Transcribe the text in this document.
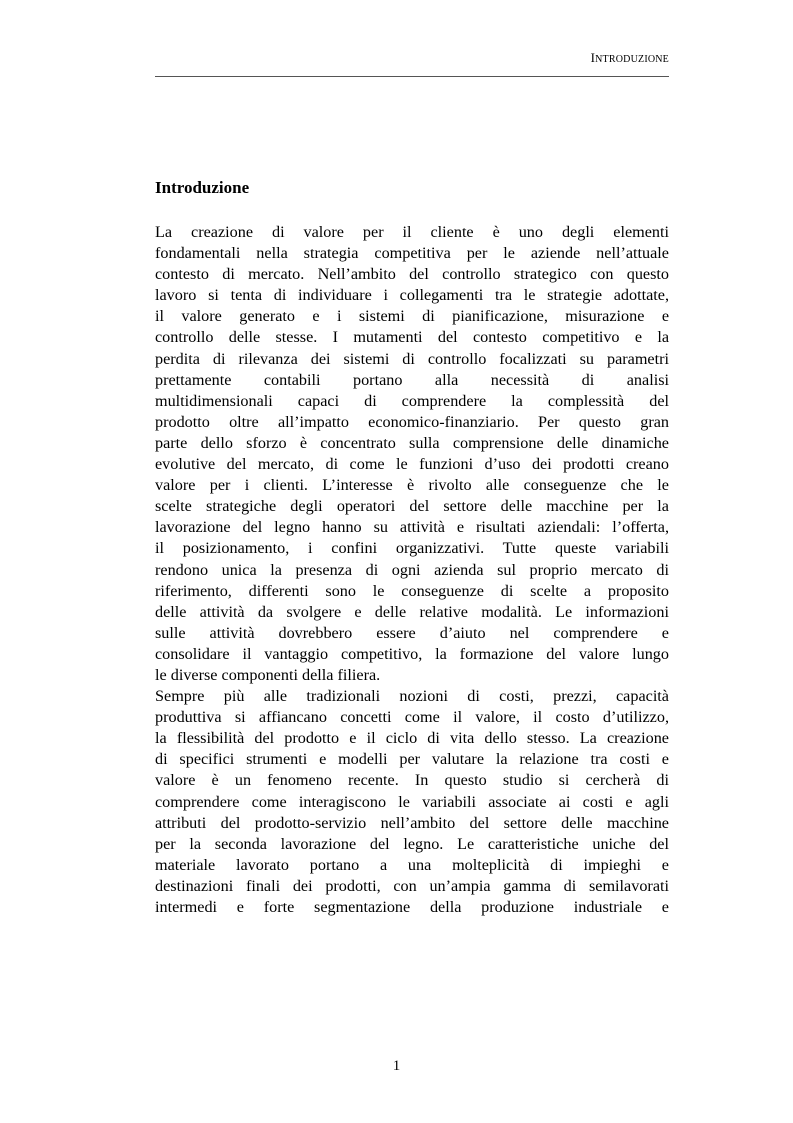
INTRODUZIONE
Introduzione
La creazione di valore per il cliente è uno degli elementi
fondamentali nella strategia competitiva per le aziende nell’attuale
contesto di mercato. Nell’ambito del controllo strategico con questo
lavoro si tenta di individuare i collegamenti tra le strategie adottate,
il valore generato e i sistemi di pianificazione, misurazione e
controllo delle stesse. I mutamenti del contesto competitivo e la
perdita di rilevanza dei sistemi di controllo focalizzati su parametri
prettamente contabili portano alla necessità di analisi
multidimensionali capaci di comprendere la complessità del
prodotto oltre all’impatto economico-finanziario. Per questo gran
parte dello sforzo è concentrato sulla comprensione delle dinamiche
evolutive del mercato, di come le funzioni d’uso dei prodotti creano
valore per i clienti. L’interesse è rivolto alle conseguenze che le
scelte strategiche degli operatori del settore delle macchine per la
lavorazione del legno hanno su attività e risultati aziendali: l’offerta,
il posizionamento, i confini organizzativi. Tutte queste variabili
rendono unica la presenza di ogni azienda sul proprio mercato di
riferimento, differenti sono le conseguenze di scelte a proposito
delle attività da svolgere e delle relative modalità. Le informazioni
sulle attività dovrebbero essere d’aiuto nel comprendere e
consolidare il vantaggio competitivo, la formazione del valore lungo
le diverse componenti della filiera.
Sempre più alle tradizionali nozioni di costi, prezzi, capacità
produttiva si affiancano concetti come il valore, il costo d’utilizzo,
la flessibilità del prodotto e il ciclo di vita dello stesso. La creazione
di specifici strumenti e modelli per valutare la relazione tra costi e
valore è un fenomeno recente. In questo studio si cercherà di
comprendere come interagiscono le variabili associate ai costi e agli
attributi del prodotto-servizio nell’ambito del settore delle macchine
per la seconda lavorazione del legno. Le caratteristiche uniche del
materiale lavorato portano a una molteplicità di impieghi e
destinazioni finali dei prodotti, con un’ampia gamma di semilavorati
intermedi e forte segmentazione della produzione industriale e
1
